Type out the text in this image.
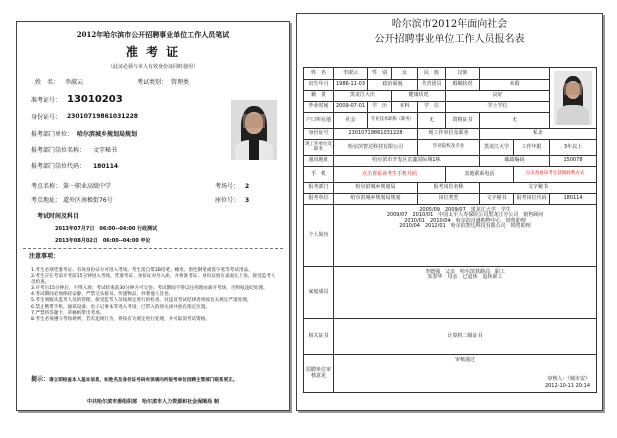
2012年哈尔滨市公开招聘事业单位工作人员笔试
准 考 证
（此证必须与本人有效身份证同时使用）
姓　名： 李淑云	考试类别： 管理类
准考证号： 13010203
身份证号： 23010719861031228
报考部门单位： 哈尔滨城乡规划局规划
报考部门岗位名称： 文字秘书
报考部门岗位代码： 180114
考点名称： 第一职业高级中学	考场号： 2
考点地址： 道外区南极街76号	座位号： 3
考试时间及科目
2013年07月7日　06:00--04:00 行政测试
2013年08月02日　06:00--04:00 申论
注意事项：

1.考生必须凭准考证、有效身份证方可进入考场。考生需自带2B铅笔、橡皮、黑色钢笔或签字笔等考试用品。

2.考生应在考前开考前15分钟进入考场，凭准考证、身份证对号入座，并将准考证、身份证放在桌面左上角，接受监考人员检查。

3.开考后15分钟后，不得入场；考试结束前30分钟方可交卷。考试期间不得以任何理由离开考场，否则按违纪处理。

4.考试期间必须保持安静，严禁交头接耳、传递物品、抄袭他人答卷。

5.考生须服从监考人员的管理，接受监考人员按规定进行的检查，对违反考试纪律者将按有关规定严肃处理。

6.禁止携带手机、通讯设备、电子记事本等进入考场，已带入的须关闭并放在指定位置。

7.严禁将答题卡、草稿纸带出考场。

8.考生必须遵守考场规则，若有违规行为，将按有关规定进行处理，并可取消考试资格。

提示：请立即检查本人基本信息，如姓名及身份证号码有误请向所报考单位招聘主管部门联系更正。
中共哈尔滨市委组织部　哈尔滨市人力资源和社会保障局 制
哈尔滨市2012年面向社会
公开招聘事业单位工作人员报名表
姓　名	李淑云	性　别	女	民　族	汉族			

出生年月	1986-11-03	政治面貌		共青团员	婚姻状况	未婚		
籍　贯	黑龙江大庆		健康状况		良好			
毕业时间	2009-07-01	学　历	本科	学　位	学士学位			
户口所在地	社会	专业技术职称（职务）		无	资格证书	无		
身份证号	23010719861031228			现工作单位及职务		私企		
现工作单位及职务	哈尔滨智达科技有限公司			毕业院校及专业		黑龙江大学	工作年限	3年以上
通讯地址	哈尔滨市开发区宏鑫国际城1栋					邮政编码		150078
手　机	点击查看该考生手机号码				其他联系电话		点击查看该考生其他联系方式	
报考部门	哈尔滨城乡规划局			报考岗位名称		文字秘书		
报考单位	哈尔滨城乡规划局规划			岗位类型		文字秘书	报考岗位代码	180114
个人简历	2005/09　2009/07　黑龙江大学　学生
2009/07　2010/01　中国太平人寿保险公司黑龙江分公司　销售顾问
2010/01　2010/04　哈尔滨百盛购物中心　销售助理
2010/04　2012/01　哈尔滨智达科技有限公司　销售助理							

家庭成员	李德强　父亲　哈尔滨铁路局　职工
朱春华　母亲　已退休　退休职工							

相关证书	计算机二级证书							
招聘单位审核意见	审核通过
审核人：《城市安》
2012-10-11 20:14							
